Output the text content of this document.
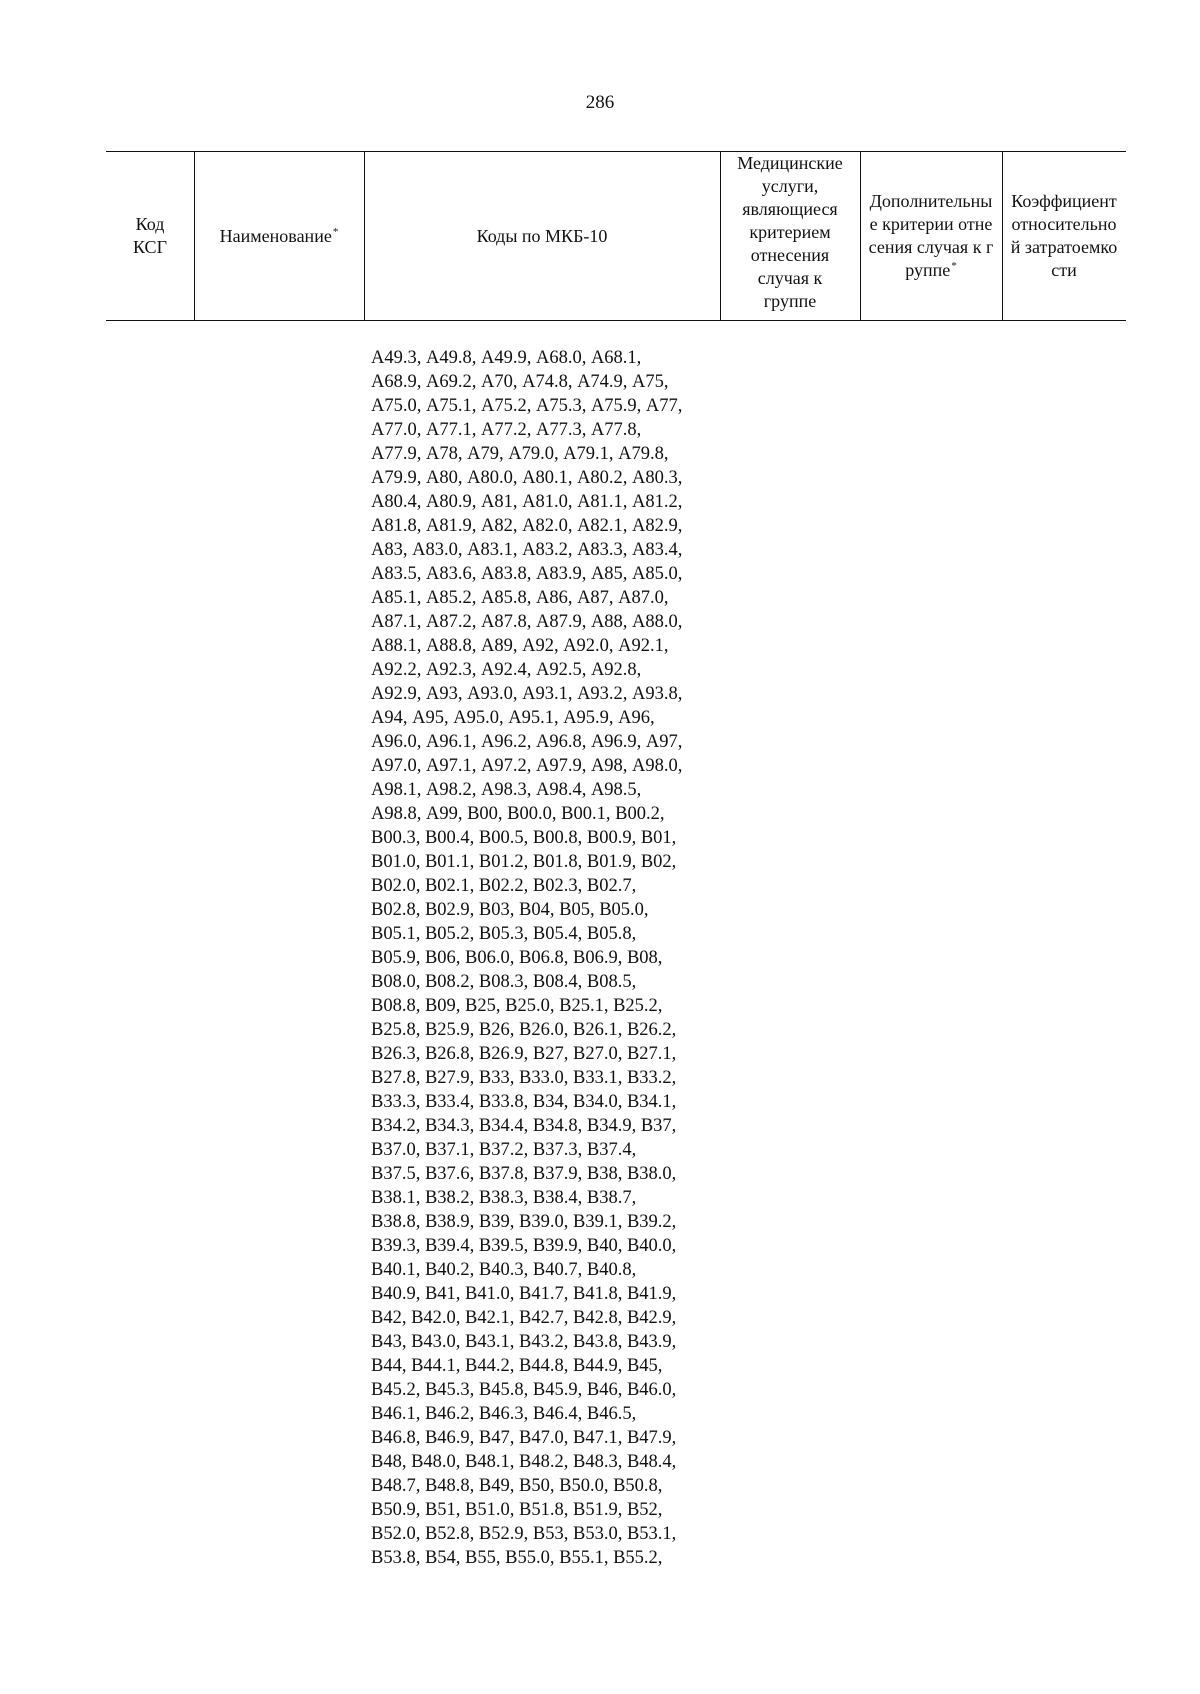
286
Код КСГ
Наименование*	Коды по МКБ-10
Медицинские услуги, являющиеся критерием отнесения случая к группе
Дополнительные критерии отнесения случая к группе*
Коэффициент относительной затратоемкости
А49.3, А49.8, А49.9, А68.0, А68.1,
А68.9, А69.2, А70, А74.8, А74.9, А75,
А75.0, А75.1, А75.2, А75.3, А75.9, А77,
А77.0, А77.1, А77.2, А77.3, А77.8,
А77.9, А78, А79, А79.0, А79.1, А79.8,
А79.9, А80, А80.0, А80.1, А80.2, А80.3,
А80.4, А80.9, А81, А81.0, А81.1, А81.2,
А81.8, А81.9, А82, А82.0, А82.1, А82.9,
А83, А83.0, А83.1, А83.2, А83.3, А83.4,
А83.5, А83.6, А83.8, А83.9, А85, А85.0,
А85.1, А85.2, А85.8, А86, А87, А87.0,
А87.1, А87.2, А87.8, А87.9, А88, А88.0,
А88.1, А88.8, А89, А92, А92.0, А92.1,
А92.2, А92.3, А92.4, А92.5, А92.8,
А92.9, А93, А93.0, А93.1, А93.2, А93.8,
А94, А95, А95.0, А95.1, А95.9, А96,
А96.0, А96.1, А96.2, А96.8, А96.9, А97,
А97.0, А97.1, А97.2, А97.9, А98, А98.0,
А98.1, А98.2, А98.3, А98.4, А98.5,
А98.8, А99, В00, В00.0, В00.1, В00.2,
В00.3, В00.4, В00.5, В00.8, В00.9, В01,
В01.0, В01.1, В01.2, В01.8, В01.9, В02,
В02.0, В02.1, В02.2, В02.3, В02.7,
В02.8, В02.9, В03, В04, В05, В05.0,
В05.1, В05.2, В05.3, В05.4, В05.8,
В05.9, В06, В06.0, В06.8, В06.9, В08,
В08.0, В08.2, В08.3, В08.4, В08.5,
В08.8, В09, В25, В25.0, В25.1, В25.2,
В25.8, В25.9, В26, В26.0, В26.1, В26.2,
В26.3, В26.8, В26.9, В27, В27.0, В27.1,
В27.8, В27.9, В33, В33.0, В33.1, В33.2,
В33.3, В33.4, В33.8, В34, В34.0, В34.1,
В34.2, В34.3, В34.4, В34.8, В34.9, В37,
В37.0, В37.1, В37.2, В37.3, В37.4,
В37.5, В37.6, В37.8, В37.9, В38, В38.0,
В38.1, В38.2, В38.3, В38.4, В38.7,
В38.8, В38.9, В39, В39.0, В39.1, В39.2,
В39.3, В39.4, В39.5, В39.9, В40, В40.0,
В40.1, В40.2, В40.3, В40.7, В40.8,
В40.9, В41, В41.0, В41.7, В41.8, В41.9,
В42, В42.0, В42.1, В42.7, В42.8, В42.9,
В43, В43.0, В43.1, В43.2, В43.8, В43.9,
В44, В44.1, В44.2, В44.8, В44.9, В45,
В45.2, В45.3, В45.8, В45.9, В46, В46.0,
В46.1, В46.2, В46.3, В46.4, В46.5,
В46.8, В46.9, В47, В47.0, В47.1, В47.9,
В48, В48.0, В48.1, В48.2, В48.3, В48.4,
В48.7, В48.8, В49, В50, В50.0, В50.8,
В50.9, В51, В51.0, В51.8, В51.9, В52,
В52.0, В52.8, В52.9, В53, В53.0, В53.1,
В53.8, В54, В55, В55.0, В55.1, В55.2,
